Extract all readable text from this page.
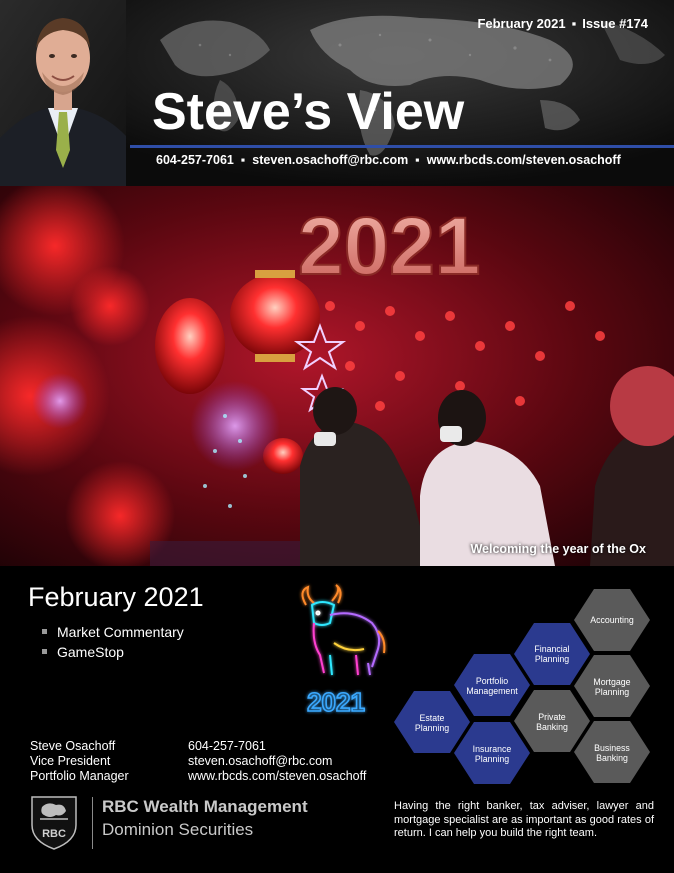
February 2021 ▪ Issue #174
Steve’s View
604-257-7061 ▪ steven.osachoff@rbc.com ▪ www.rbcds.com/steven.osachoff
2021
Welcoming the year of the Ox
February 2021
Market Commentary
GameStop
2021
Accounting
Financial
Planning
Portfolio
Management
Mortgage
Planning
Estate
Planning
Private
Banking
Insurance
Planning
Business
Banking
Steve Osachoff
Vice President
Portfolio Manager
604-257-7061
steven.osachoff@rbc.com
www.rbcds.com/steven.osachoff
RBC
RBC Wealth Management
Dominion Securities
Having the right banker, tax adviser, lawyer and mortgage specialist are as important as good rates of return. I can help you build the right team.
